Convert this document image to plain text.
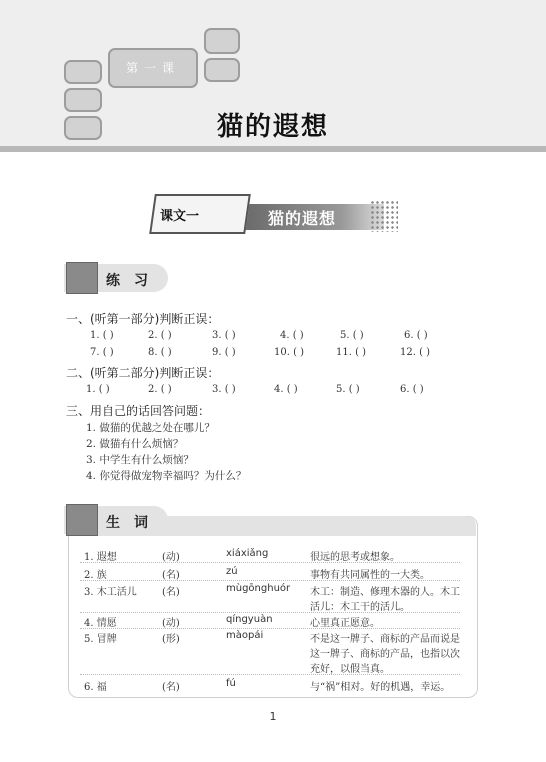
第一课
猫的遐想
课文一	猫的遐想
练习
一、(听第一部分)判断正误：
1. ( )	2. ( )	3. ( )	4. ( )	5. ( )	6. ( )
7. ( )	8. ( )	9. ( )	10. ( )	11. ( )	12. ( )
二、(听第二部分)判断正误：
1. ( )	2. ( )	3. ( )	4. ( )	5. ( )	6. ( )
三、用自己的话回答问题：
1. 做猫的优越之处在哪儿？
2. 做猫有什么烦恼？
3. 中学生有什么烦恼？
4. 你觉得做宠物幸福吗？为什么？
生词
1. 遐想	(动)	xiáxiǎng	很远的思考或想象。
2. 族	(名)	zú	事物有共同属性的一大类。
3. 木工活儿	(名)	mùgōnghuór 木工：制造、修理木器的人。木工
活儿：木工干的活儿。
4. 情愿	(动)	qíngyuàn	心里真正愿意。
5. 冒牌	(形)	màopái	不是这一牌子、商标的产品而说是
这一牌子、商标的产品，也指以次
充好，以假当真。
6. 福	(名)	fú	与“祸”相对。好的机遇，幸运。
1
